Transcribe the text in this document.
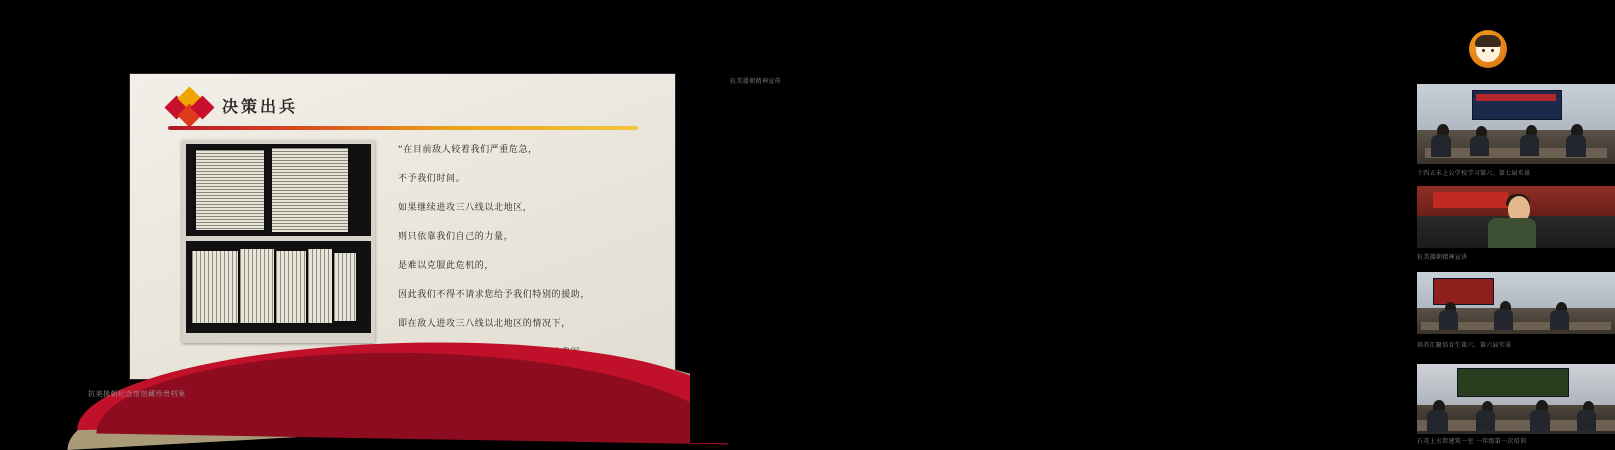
决策出兵

“在目前敌人较着我们严重危急，

不予我们时间。

如果继续进攻三八线以北地区，

则只依靠我们自己的力量，

是难以克服此危机的，

因此我们不得不请求您给予我们特别的援助，

即在敌人进攻三八线以北地区的情况下，

抗美援朝纪念馆馆藏珍贵档案
抗美援朝精神宣传
十四五末上公学校学习第六、第七届实景
抗美援朝精神宣讲
培养汇聚培育生第六、第六届实景
石英上水管建筑一室 一年级第一次培训
